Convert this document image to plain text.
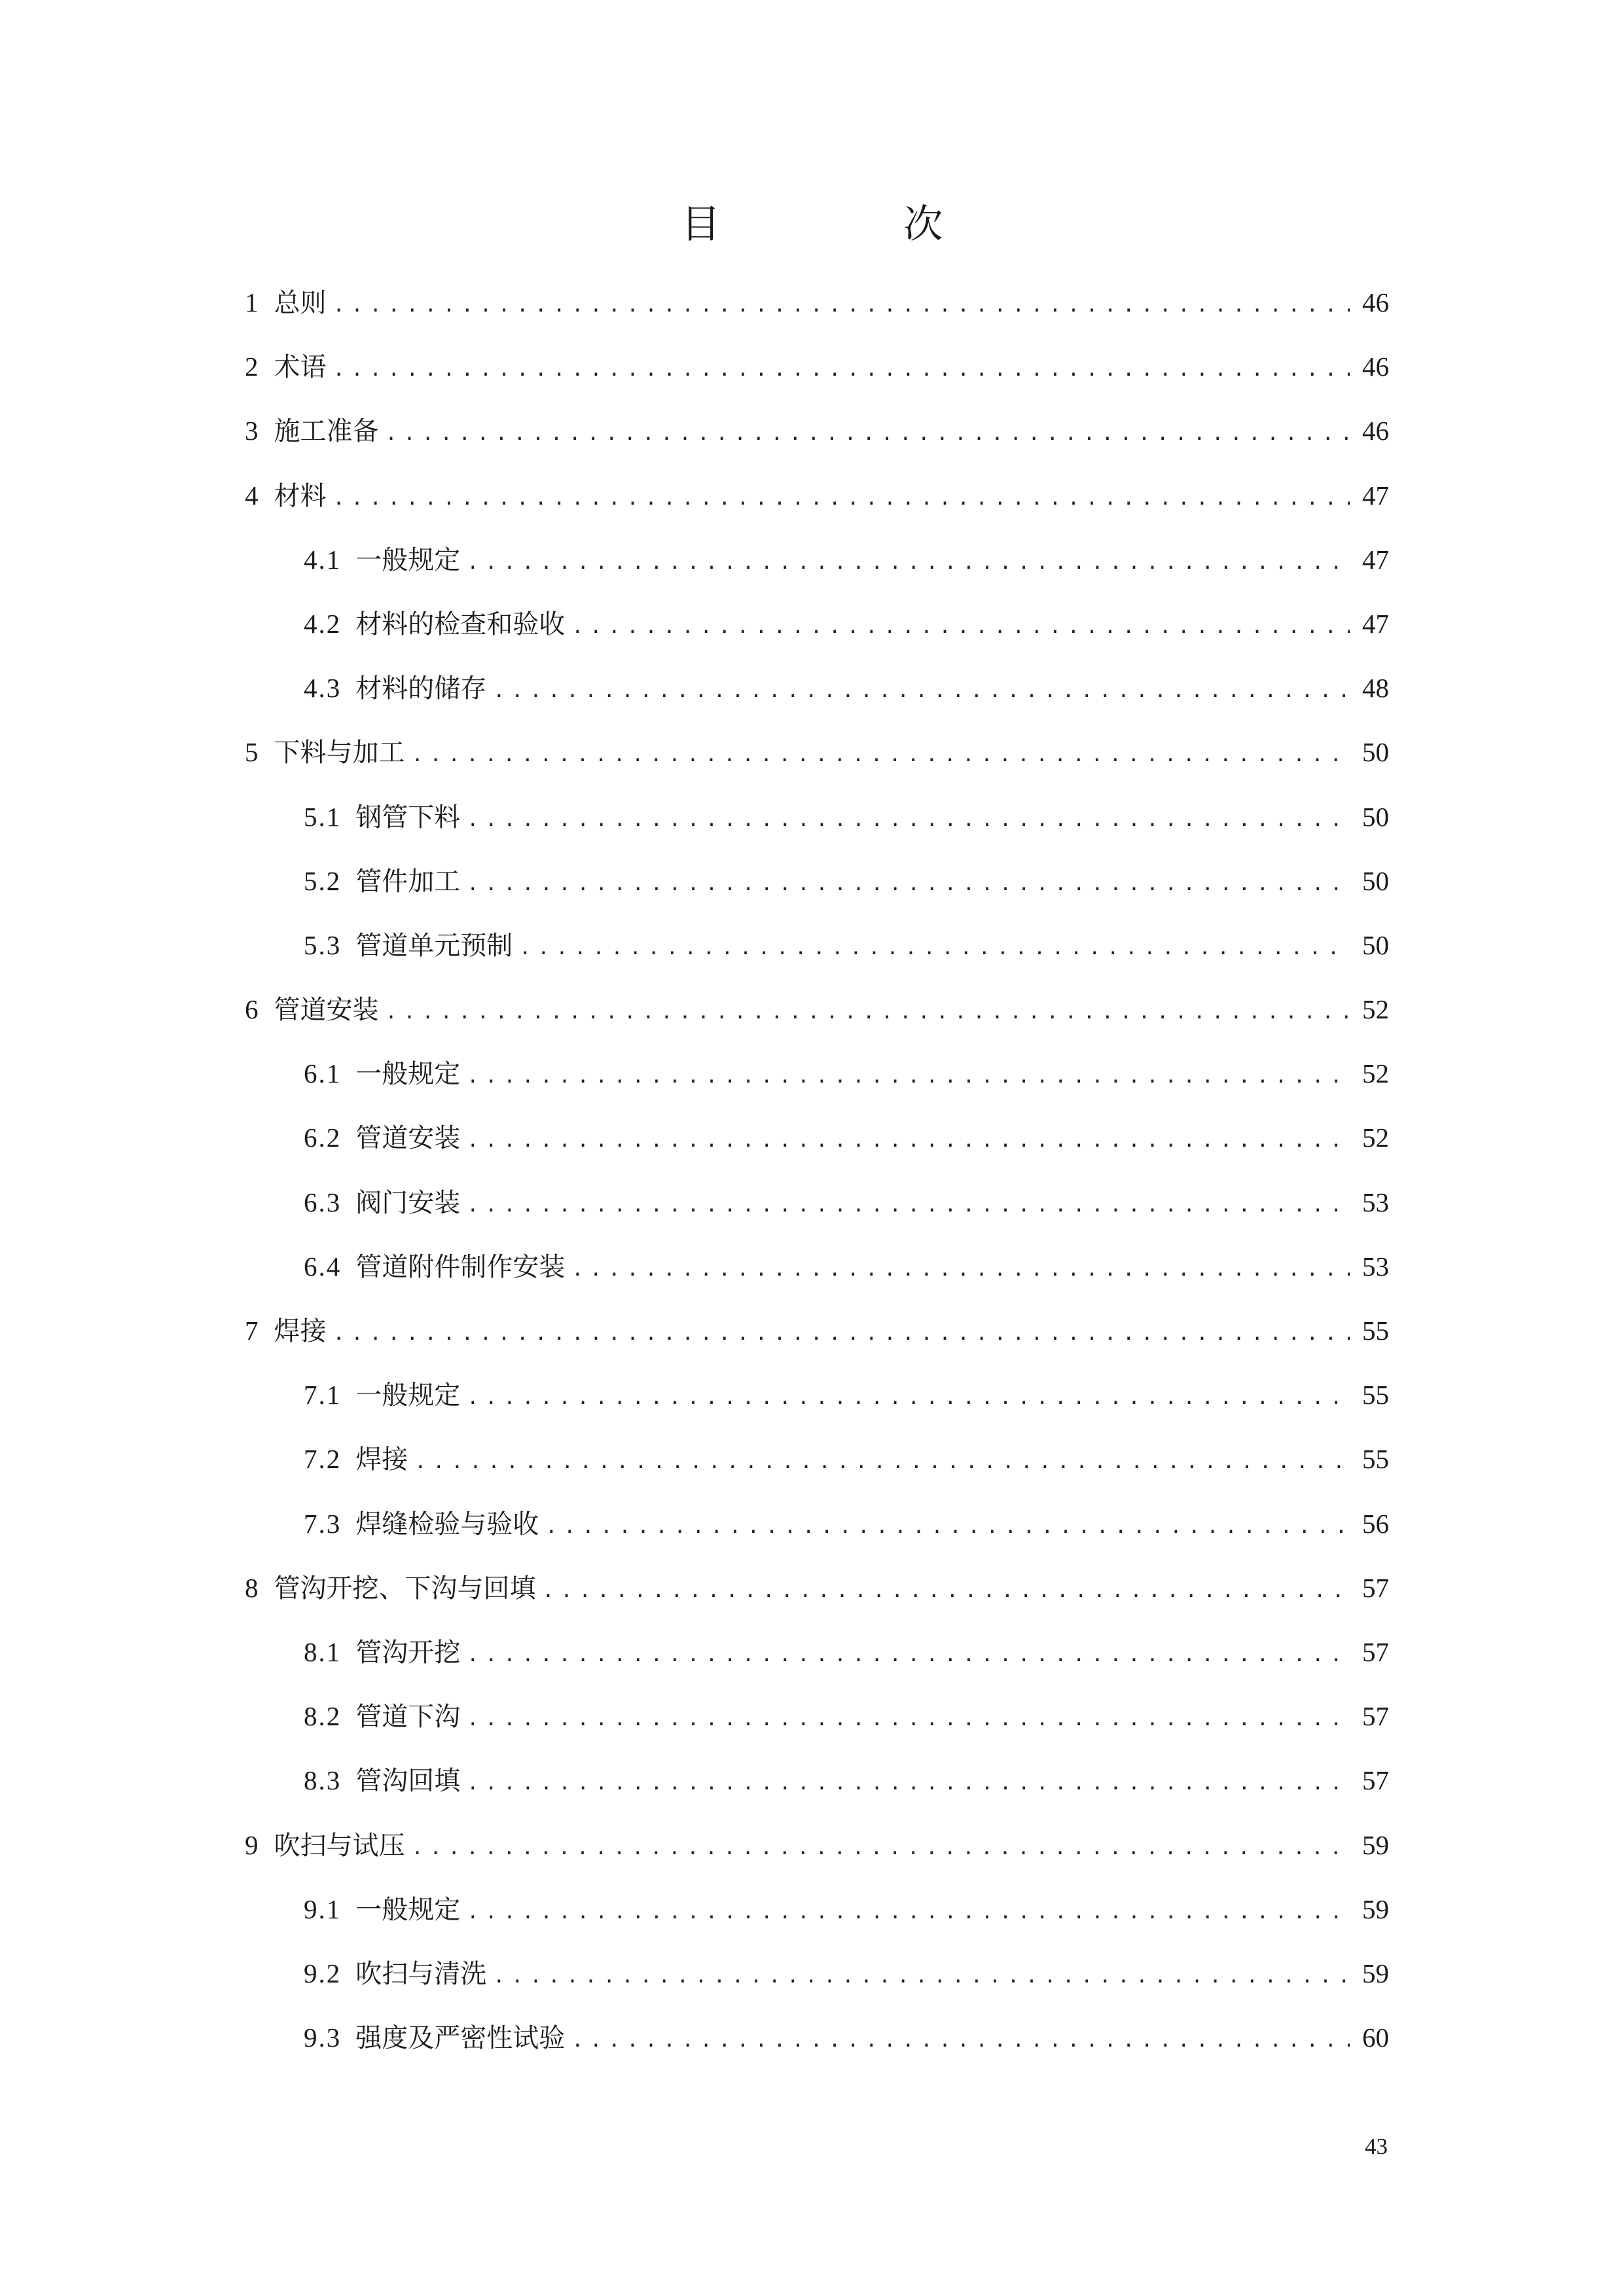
目　次
1 总则 .....	46
2 术语 .....	46
3 施工准备 .....	46
4 材料 .....	47
4.1 一般规定 .....	47
4.2 材料的检查和验收 .....	47
4.3 材料的储存 .....	48
5 下料与加工 .....	50
5.1 钢管下料 .....	50
5.2 管件加工 .....	50
5.3 管道单元预制 .....	50
6 管道安装 .....	52
6.1 一般规定 .....	52
6.2 管道安装 .....	52
6.3 阀门安装 .....	53
6.4 管道附件制作安装 .....	53
7 焊接 .....	55
7.1 一般规定 .....	55
7.2 焊接 .....	55
7.3 焊缝检验与验收 .....	56
8 管沟开挖、下沟与回填 .....	57
8.1 管沟开挖 .....	57
8.2 管道下沟 .....	57
8.3 管沟回填 .....	57
9 吹扫与试压 .....	59
9.1 一般规定 .....	59
9.2 吹扫与清洗 .....	59
9.3 强度及严密性试验 .....	60
43
